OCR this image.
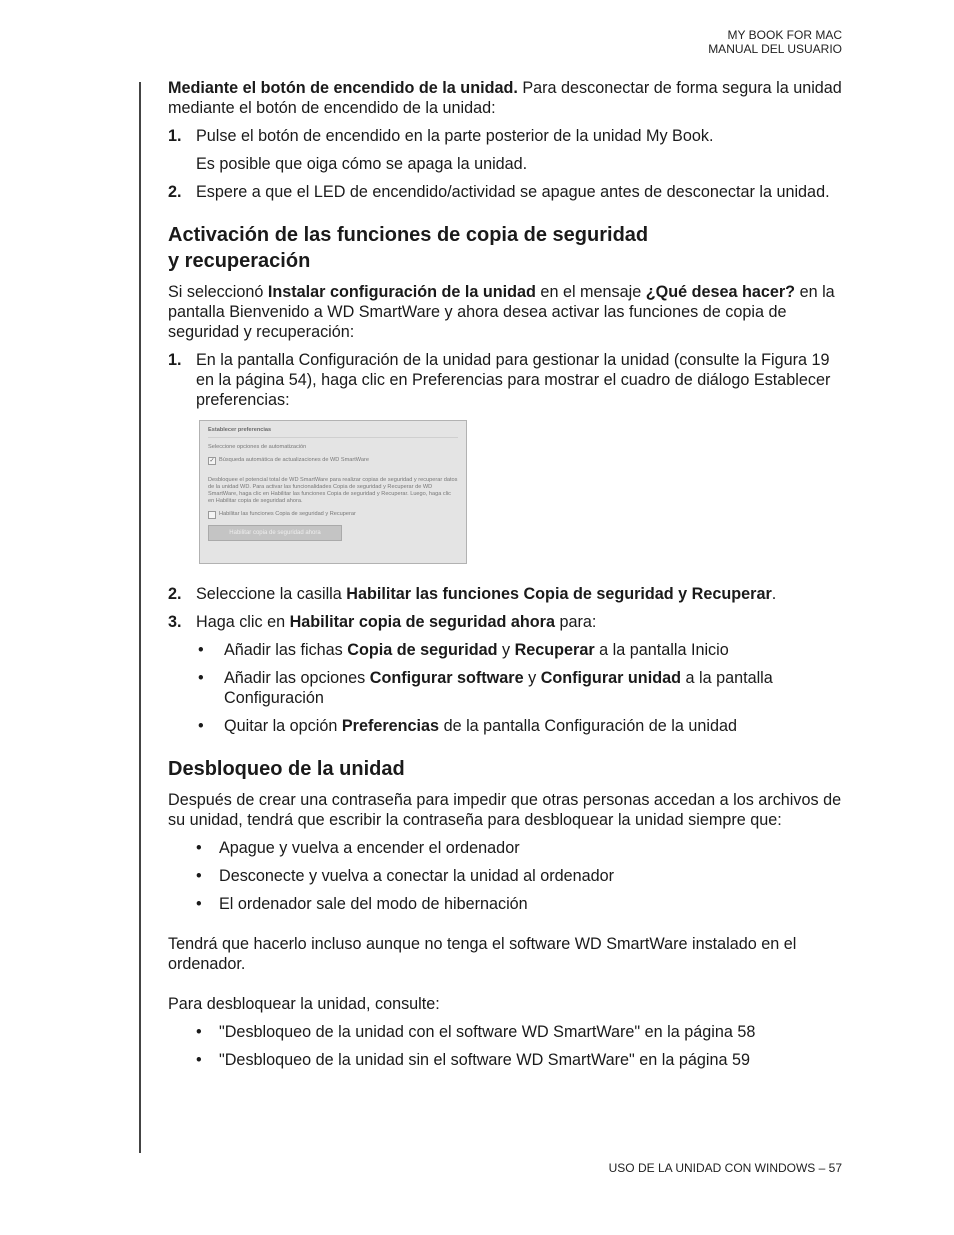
MY BOOK FOR MAC
MANUAL DEL USUARIO

Mediante el botón de encendido de la unidad. Para desconectar de forma segura la unidad mediante el botón de encendido de la unidad:

1. Pulse el botón de encendido en la parte posterior de la unidad My Book.

Es posible que oiga cómo se apaga la unidad.

2. Espere a que el LED de encendido/actividad se apague antes de desconectar la unidad.
Activación de las funciones de copia de seguridad
y recuperación

Si seleccionó Instalar configuración de la unidad en el mensaje ¿Qué desea hacer? en la pantalla Bienvenido a WD SmartWare y ahora desea activar las funciones de copia de seguridad y recuperación:

1. En la pantalla Configuración de la unidad para gestionar la unidad (consulte la Figura 19 en la página 54), haga clic en Preferencias para mostrar el cuadro de diálogo Establecer preferencias:
Establecer preferencias
Seleccione opciones de automatización
✓ Búsqueda automática de actualizaciones de WD SmartWare
Desbloquee el potencial total de WD SmartWare para realizar copias de seguridad y recuperar datos de la unidad WD. Para activar las funcionalidades Copia de seguridad y Recuperar de WD SmartWare, haga clic en Habilitar las funciones Copia de seguridad y Recuperar. Luego, haga clic en Habilitar copia de seguridad ahora.
Habilitar las funciones Copia de seguridad y Recuperar
Habilitar copia de seguridad ahora
2. Seleccione la casilla Habilitar las funciones Copia de seguridad y Recuperar.
3. Haga clic en Habilitar copia de seguridad ahora para:
• Añadir las fichas Copia de seguridad y Recuperar a la pantalla Inicio
• Añadir las opciones Configurar software y Configurar unidad a la pantalla Configuración
• Quitar la opción Preferencias de la pantalla Configuración de la unidad
Desbloqueo de la unidad

Después de crear una contraseña para impedir que otras personas accedan a los archivos de su unidad, tendrá que escribir la contraseña para desbloquear la unidad siempre que:

• Apague y vuelva a encender el ordenador
• Desconecte y vuelva a conectar la unidad al ordenador
• El ordenador sale del modo de hibernación

Tendrá que hacerlo incluso aunque no tenga el software WD SmartWare instalado en el ordenador.

Para desbloquear la unidad, consulte:

• "Desbloqueo de la unidad con el software WD SmartWare" en la página 58
• "Desbloqueo de la unidad sin el software WD SmartWare" en la página 59
USO DE LA UNIDAD CON WINDOWS – 57
